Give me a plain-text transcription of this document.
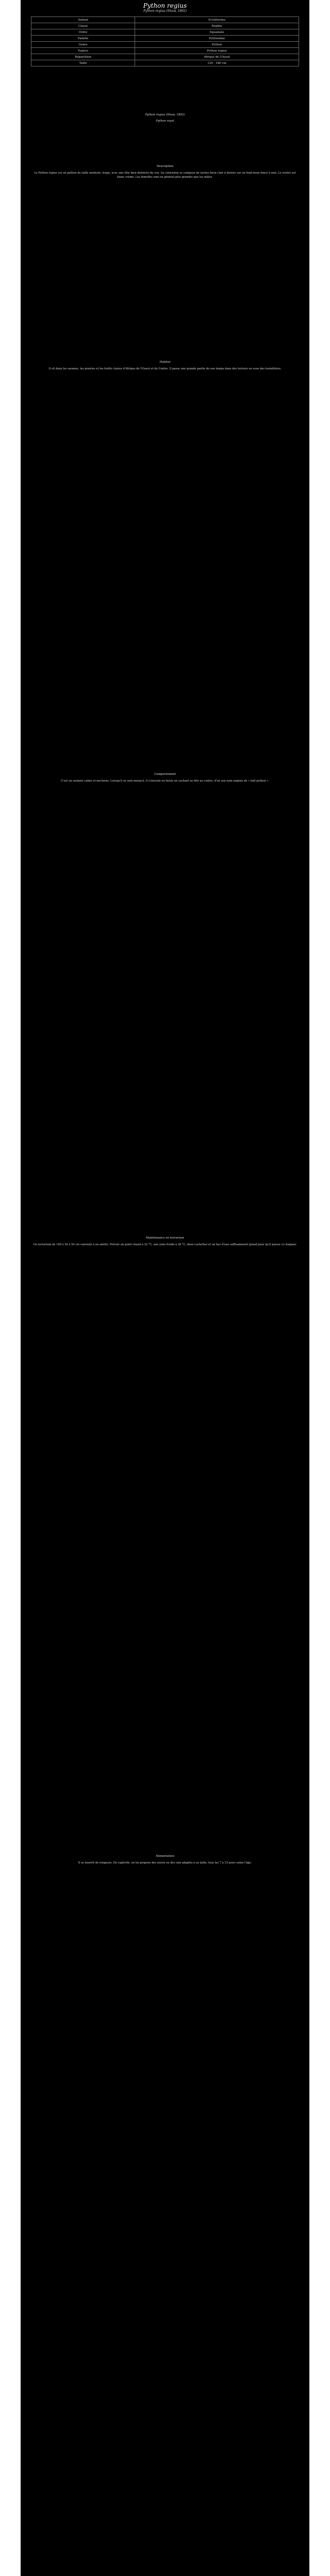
Python regius
Python regius (Shaw, 1802)
Animal	Ectotherme
Classe	Reptile
Ordre	Squamate
Famille	Pythonidae
Genre	Python
Espèce	Python regius
Répartition	Afrique de l'Ouest
Taille	120 - 180 cm

Python regius (Shaw, 1802)

Python royal

Description

Le Python regius est un python de taille modeste, trapu, avec une tête bien distincte du cou. Sa coloration se compose de taches brun clair à dorées sur un fond brun foncé à noir. Le ventre est blanc crème. Les femelles sont en général plus grandes que les mâles.

Habitat

Il vit dans les savanes, les prairies et les forêts claires d'Afrique de l'Ouest et du Centre. Il passe une grande partie de son temps dans des terriers ou sous des termitières.

Comportement

C'est un serpent calme et nocturne. Lorsqu'il se sent menacé, il s'enroule en boule en cachant sa tête au centre, d'où son nom anglais de « ball python ».

Maintenance en terrarium

Un terrarium de 100 x 50 x 50 cm convient à un adulte. Prévoir un point chaud à 32 °C, une zone froide à 26 °C, deux cachettes et un bac d'eau suffisamment grand pour qu'il puisse s'y baigner.

Alimentation

Il se nourrit de rongeurs. En captivité, on lui propose des souris ou des rats adaptés à sa taille, tous les 7 à 15 jours selon l'âge.
